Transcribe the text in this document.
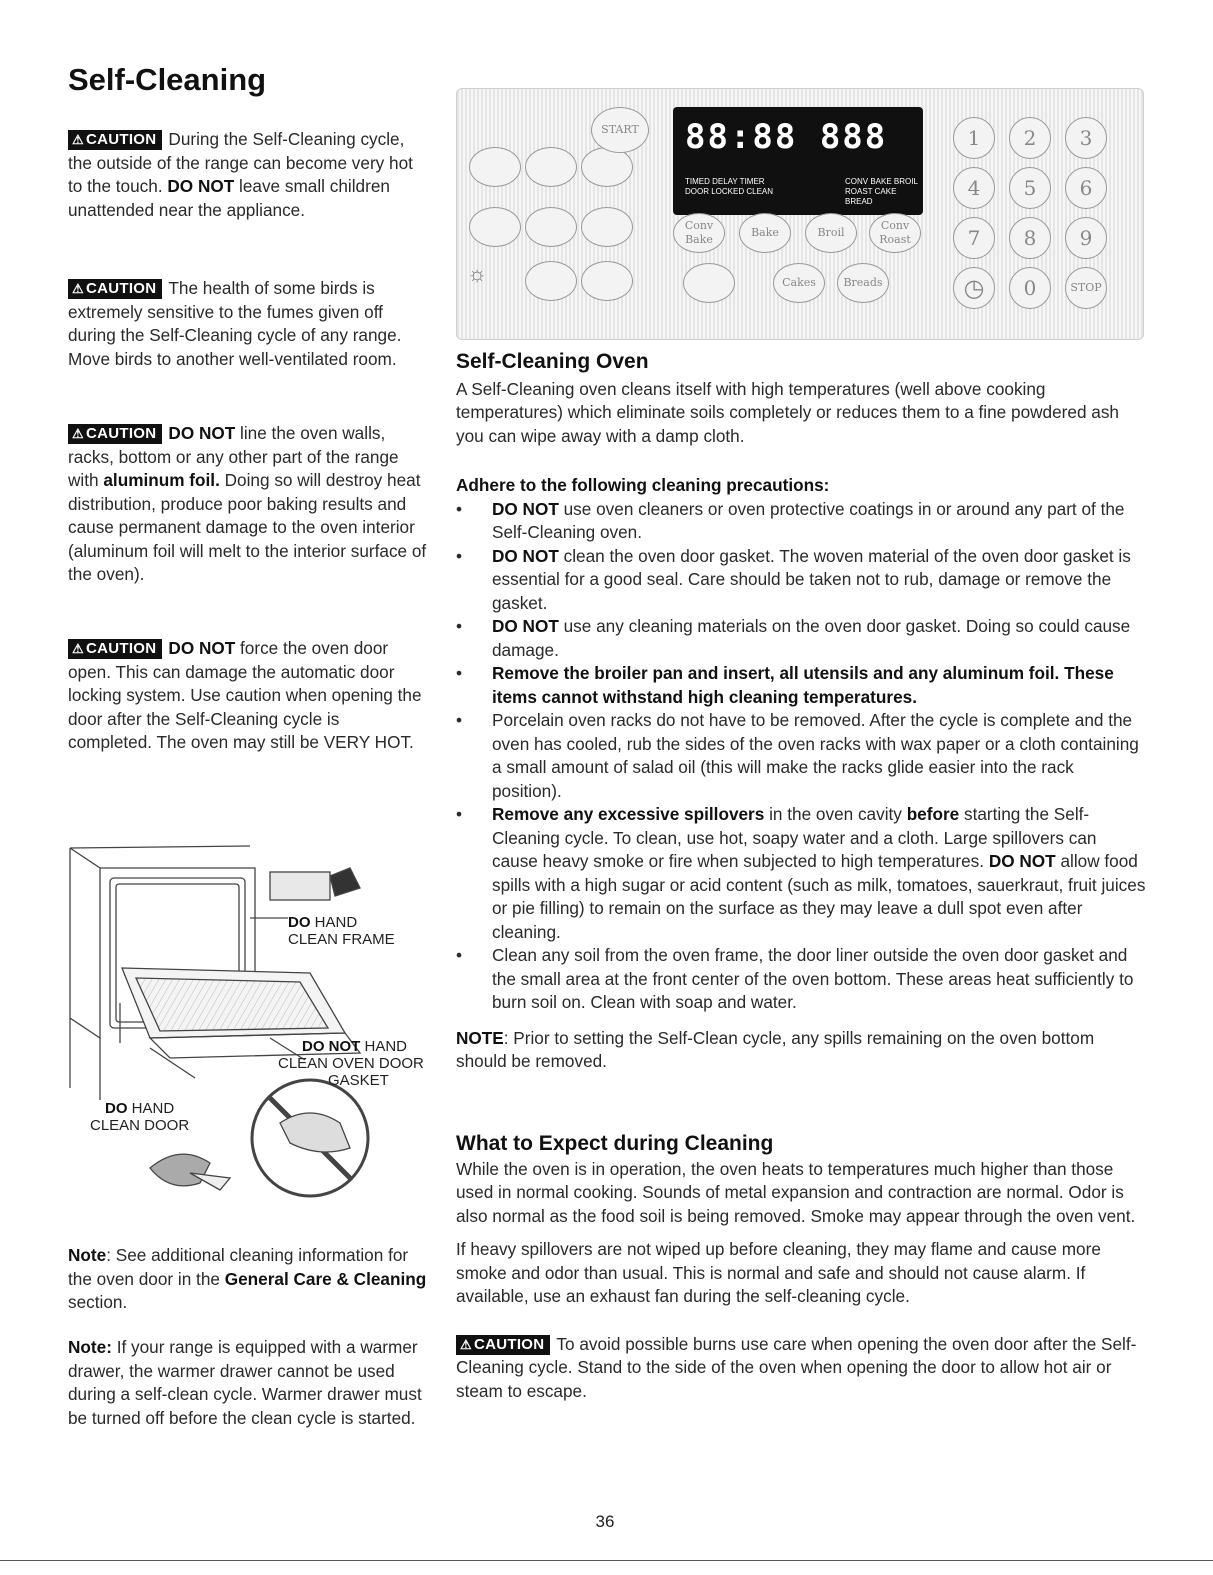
Self-Cleaning
⚠ CAUTION During the Self-Cleaning cycle, the outside of the range can become very hot to the touch. DO NOT leave small children unattended near the appliance.
⚠ CAUTION The health of some birds is extremely sensitive to the fumes given off during the Self-Cleaning cycle of any range. Move birds to another well-ventilated room.
⚠ CAUTION DO NOT line the oven walls, racks, bottom or any other part of the range with aluminum foil. Doing so will destroy heat distribution, produce poor baking results and cause permanent damage to the oven interior (aluminum foil will melt to the interior surface of the oven).
⚠ CAUTION DO NOT force the oven door open. This can damage the automatic door locking system. Use caution when opening the door after the Self-Cleaning cycle is completed. The oven may still be VERY HOT.
DO HAND
CLEAN FRAME
DO NOT HAND
CLEAN OVEN DOOR
GASKET
DO HAND
CLEAN DOOR
Note: See additional cleaning information for the oven door in the General Care & Cleaning section.
Note: If your range is equipped with a warmer drawer, the warmer drawer cannot be used during a self-clean cycle. Warmer drawer must be turned off before the clean cycle is started.
☼
START 88:88 888
TIMED DELAY TIMER
DOOR LOCKED CLEAN
CONV BAKE BROIL
ROAST CAKE BREAD
Conv Bake
Bake	Broil
Conv Roast
Cakes	Breads
1	2	3
4	5	6
7	8	9
◷	0	STOP
Self-Cleaning Oven
A Self-Cleaning oven cleans itself with high temperatures (well above cooking temperatures) which eliminate soils completely or reduces them to a fine powdered ash you can wipe away with a damp cloth.
Adhere to the following cleaning precautions:
• DO NOT use oven cleaners or oven protective coatings in or around any part of the Self-Cleaning oven.
• DO NOT clean the oven door gasket. The woven material of the oven door gasket is essential for a good seal. Care should be taken not to rub, damage or remove the gasket.
• DO NOT use any cleaning materials on the oven door gasket. Doing so could cause damage.
• Remove the broiler pan and insert, all utensils and any aluminum foil. These items cannot withstand high cleaning temperatures.
• Porcelain oven racks do not have to be removed. After the cycle is complete and the oven has cooled, rub the sides of the oven racks with wax paper or a cloth containing a small amount of salad oil (this will make the racks glide easier into the rack position).
• Remove any excessive spillovers in the oven cavity before starting the Self-Cleaning cycle. To clean, use hot, soapy water and a cloth. Large spillovers can cause heavy smoke or fire when subjected to high temperatures. DO NOT allow food spills with a high sugar or acid content (such as milk, tomatoes, sauerkraut, fruit juices or pie filling) to remain on the surface as they may leave a dull spot even after cleaning.
• Clean any soil from the oven frame, the door liner outside the oven door gasket and the small area at the front center of the oven bottom. These areas heat sufficiently to burn soil on. Clean with soap and water.
NOTE: Prior to setting the Self-Clean cycle, any spills remaining on the oven bottom should be removed.
What to Expect during Cleaning
While the oven is in operation, the oven heats to temperatures much higher than those used in normal cooking. Sounds of metal expansion and contraction are normal. Odor is also normal as the food soil is being removed. Smoke may appear through the oven vent.
If heavy spillovers are not wiped up before cleaning, they may flame and cause more smoke and odor than usual. This is normal and safe and should not cause alarm. If available, use an exhaust fan during the self-cleaning cycle.
⚠ CAUTION To avoid possible burns use care when opening the oven door after the Self-Cleaning cycle. Stand to the side of the oven when opening the door to allow hot air or steam to escape.
36
